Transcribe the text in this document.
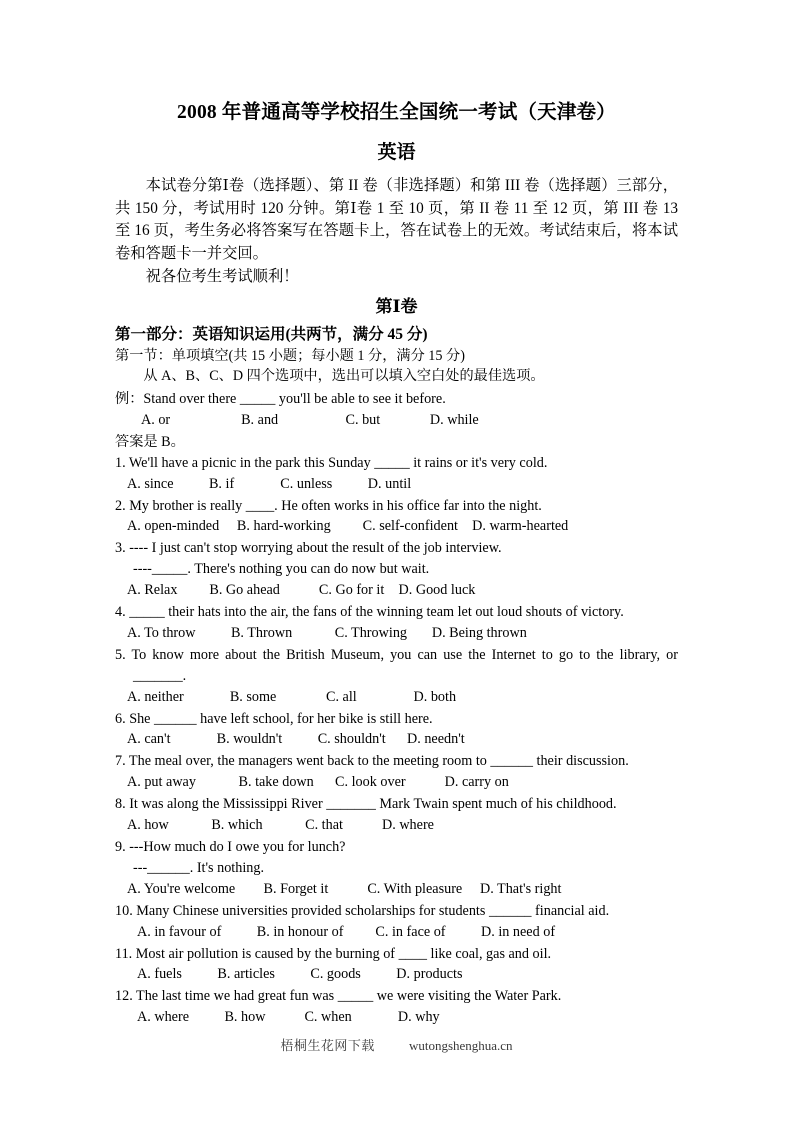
2008 年普通高等学校招生全国统一考试（天津卷）
英语

本试卷分第Ⅰ卷（选择题）、第 II 卷（非选择题）和第 III 卷（选择题）三部分，共 150 分，考试用时 120 分钟。第Ⅰ卷 1 至 10 页，第 II 卷 11 至 12 页，第 III 卷 13 至 16 页，考生务必将答案写在答题卡上，答在试卷上的无效。考试结束后，将本试卷和答题卡一并交回。

祝各位考生考试顺利！

第Ⅰ卷
第一部分：英语知识运用(共两节，满分 45 分)

第一节：单项填空(共 15 小题；每小题 1 分，满分 15 分)

从 A、B、C、D 四个选项中，选出可以填入空白处的最佳选项。

例：Stand over there _____ you'll be able to see it before.

A. or                    B. and                   C. but              D. while

答案是 B。

1. We'll have a picnic in the park this Sunday _____ it rains or it's very cold.

A. since          B. if             C. unless          D. until

2. My brother is really ____. He often works in his office far into the night.

A. open-minded     B. hard-working         C. self-confident    D. warm-hearted

3. ---- I just can't stop worrying about the result of the job interview.

----_____. There's nothing you can do now but wait.

A. Relax         B. Go ahead           C. Go for it    D. Good luck

4. _____ their hats into the air, the fans of the winning team let out loud shouts of victory.

A. To throw          B. Thrown            C. Throwing       D. Being thrown

5. To know more about the British Museum, you can use the Internet to go to the library, or

_______.

A. neither             B. some              C. all                D. both

6. She ______ have left school, for her bike is still here.

A. can't             B. wouldn't          C. shouldn't      D. needn't

7. The meal over, the managers went back to the meeting room to ______ their discussion.

A. put away            B. take down      C. look over           D. carry on

8. It was along the Mississippi River _______ Mark Twain spent much of his childhood.

A. how            B. which            C. that           D. where

9. ---How much do I owe you for lunch?

---______. It's nothing.

A. You're welcome        B. Forget it           C. With pleasure     D. That's right

10. Many Chinese universities provided scholarships for students ______ financial aid.

A. in favour of          B. in honour of         C. in face of          D. in need of

11. Most air pollution is caused by the burning of ____ like coal, gas and oil.

A. fuels          B. articles          C. goods          D. products

12. The last time we had great fun was _____ we were visiting the Water Park.

A. where          B. how           C. when             D. why

梧桐生花网下载	wutongshenghua.cn
